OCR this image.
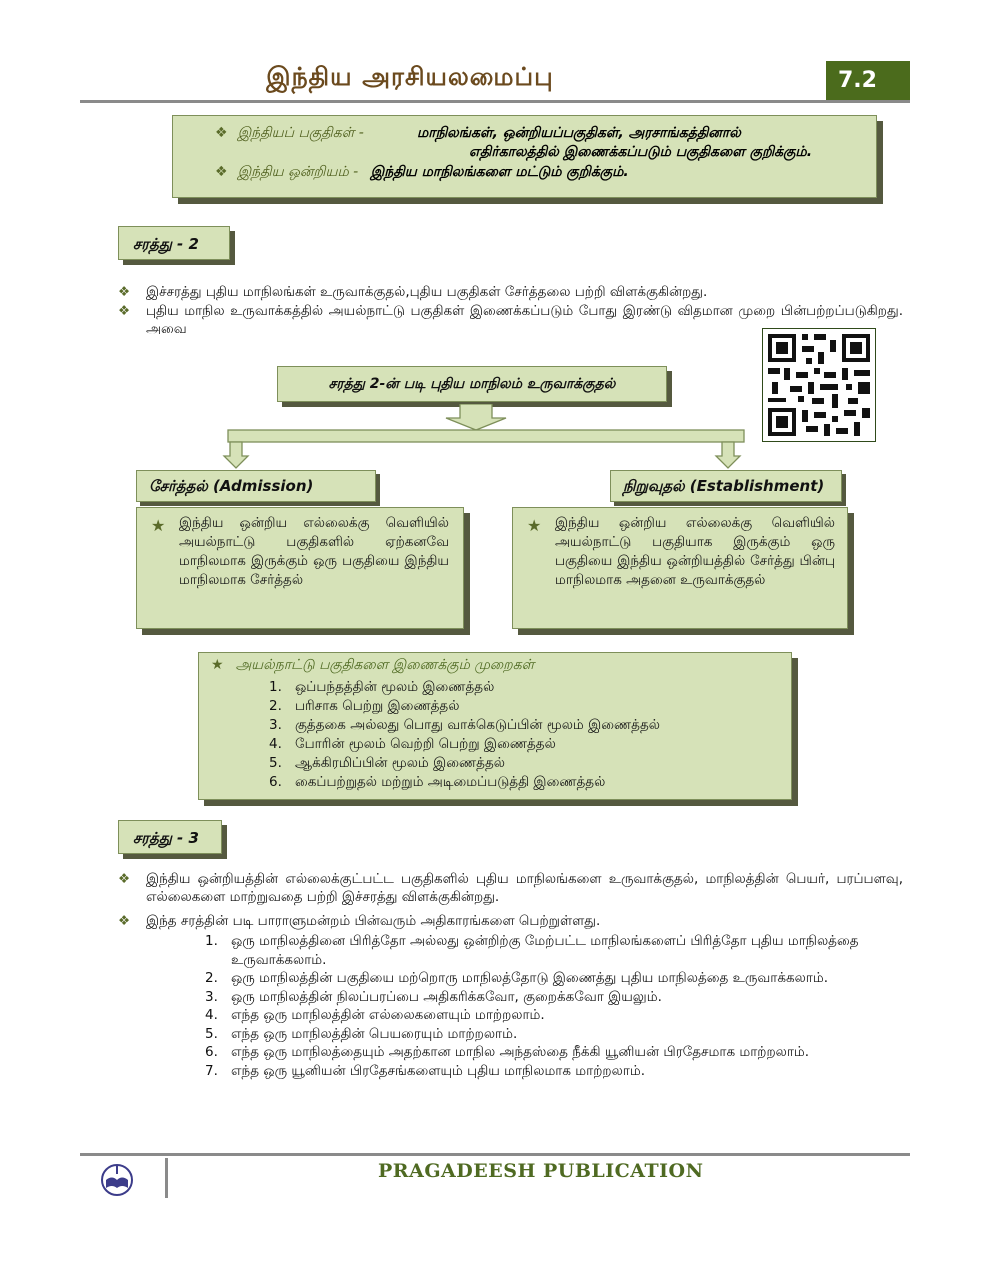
இந்திய அரசியலமைப்பு	7.2
❖ இந்தியப் பகுதிகள் -	மாநிலங்கள், ஒன்றியப்பகுதிகள், அரசாங்கத்தினால்
எதிர்காலத்தில் இணைக்கப்படும் பகுதிகளை குறிக்கும்.
❖ இந்திய ஒன்றியம் - இந்திய மாநிலங்களை மட்டும் குறிக்கும்.
சரத்து - 2
❖ இச்சரத்து புதிய மாநிலங்கள் உருவாக்குதல்,புதிய பகுதிகள் சேர்த்தலை பற்றி விளக்குகின்றது.
❖ புதிய மாநில உருவாக்கத்தில் அயல்நாட்டு பகுதிகள் இணைக்கப்படும் போது இரண்டு விதமான முறை பின்பற்றப்படுகிறது. அவை
சரத்து 2-ன் படி புதிய மாநிலம் உருவாக்குதல்
சேர்த்தல் (Admission)
★ இந்திய ஒன்றிய எல்லைக்கு வெளியில் அயல்நாட்டு பகுதிகளில் ஏற்கனவே மாநிலமாக இருக்கும் ஒரு பகுதியை இந்திய மாநிலமாக சேர்த்தல்
நிறுவுதல் (Establishment)
★ இந்திய ஒன்றிய எல்லைக்கு வெளியில் அயல்நாட்டு பகுதியாக இருக்கும் ஒரு பகுதியை இந்திய ஒன்றியத்தில் சேர்த்து பின்பு மாநிலமாக அதனை உருவாக்குதல்
★ அயல்நாட்டு பகுதிகளை இணைக்கும் முறைகள்
1. ஒப்பந்தத்தின் மூலம் இணைத்தல்
2. பரிசாக பெற்று இணைத்தல்
3. குத்தகை அல்லது பொது வாக்கெடுப்பின் மூலம் இணைத்தல்
4. போரின் மூலம் வெற்றி பெற்று இணைத்தல்
5. ஆக்கிரமிப்பின் மூலம் இணைத்தல்
6. கைப்பற்றுதல் மற்றும் அடிமைப்படுத்தி இணைத்தல்
சரத்து - 3
❖ இந்திய ஒன்றியத்தின் எல்லைக்குட்பட்ட பகுதிகளில் புதிய மாநிலங்களை உருவாக்குதல், மாநிலத்தின் பெயர், பரப்பளவு, எல்லைகளை மாற்றுவதை பற்றி இச்சரத்து விளக்குகின்றது.
❖ இந்த சரத்தின் படி பாராளுமன்றம் பின்வரும் அதிகாரங்களை பெற்றுள்ளது.
1. ஒரு மாநிலத்தினை பிரித்தோ அல்லது ஒன்றிற்கு மேற்பட்ட மாநிலங்களைப் பிரித்தோ புதிய மாநிலத்தை உருவாக்கலாம்.
2. ஒரு மாநிலத்தின் பகுதியை மற்றொரு மாநிலத்தோடு இணைத்து புதிய மாநிலத்தை உருவாக்கலாம்.
3. ஒரு மாநிலத்தின் நிலப்பரப்பை அதிகரிக்கவோ, குறைக்கவோ இயலும்.
4. எந்த ஒரு மாநிலத்தின் எல்லைகளையும் மாற்றலாம்.
5. எந்த ஒரு மாநிலத்தின் பெயரையும் மாற்றலாம்.
6. எந்த ஒரு மாநிலத்தையும் அதற்கான மாநில அந்தஸ்தை நீக்கி யூனியன் பிரதேசமாக மாற்றலாம்.
7. எந்த ஒரு யூனியன் பிரதேசங்களையும் புதிய மாநிலமாக மாற்றலாம்.
PRAGADEESH PUBLICATION
